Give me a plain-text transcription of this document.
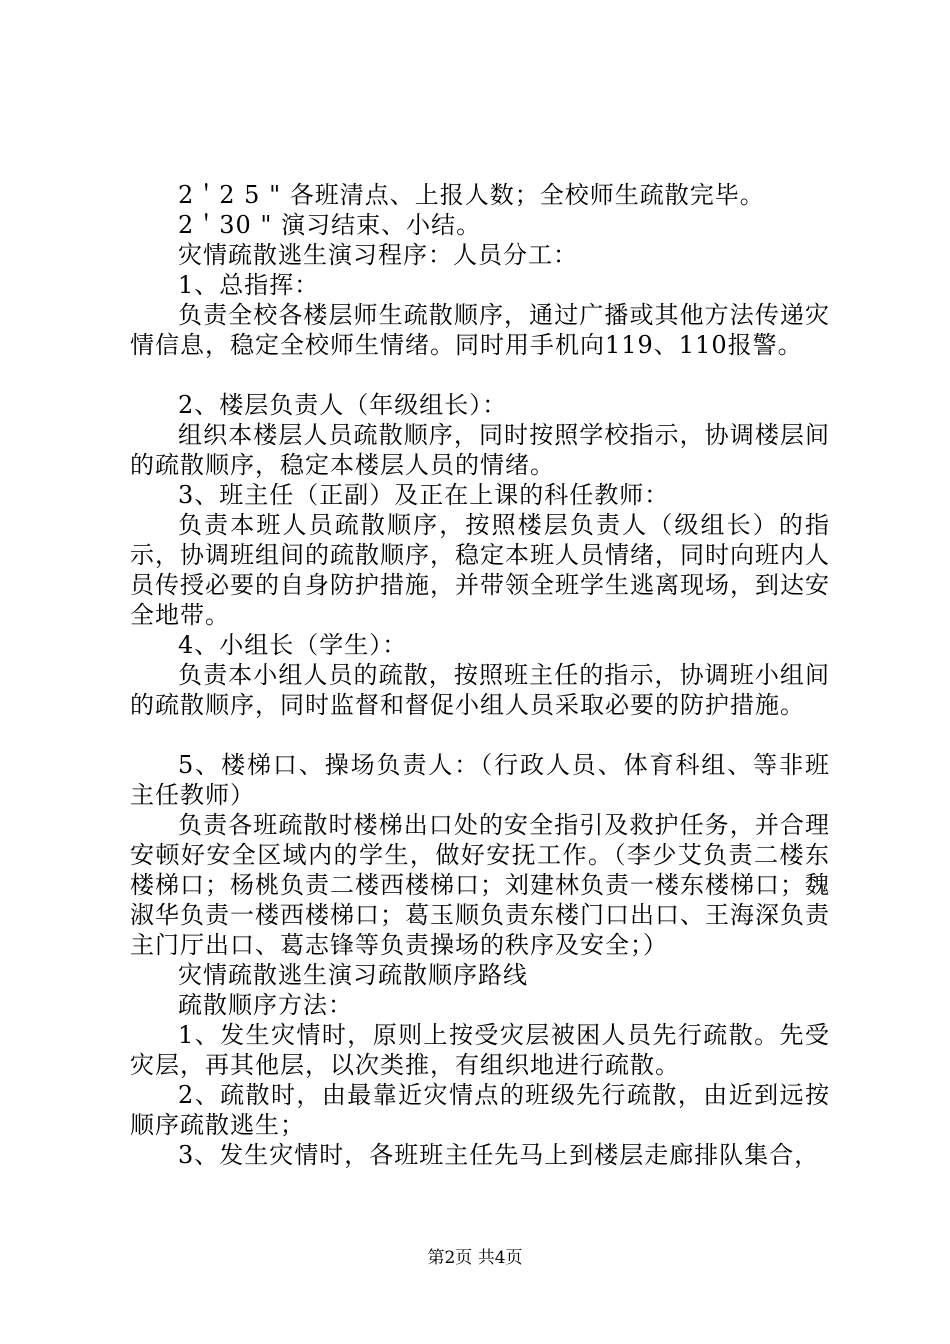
2＇2 5 " 各班清点、上报人数；全校师生疏散完毕。

2＇30 " 演习结束、小结。

灾情疏散逃生演习程序：人员分工：

1、总指挥：

负责全校各楼层师生疏散顺序，通过广播或其他方法传递灾情信息，稳定全校师生情绪。同时用手机向119、110报警。

2、楼层负责人（年级组长）：

组织本楼层人员疏散顺序，同时按照学校指示，协调楼层间的疏散顺序，稳定本楼层人员的情绪。

3、班主任（正副）及正在上课的科任教师：

负责本班人员疏散顺序，按照楼层负责人（级组长）的指示，协调班组间的疏散顺序，稳定本班人员情绪，同时向班内人员传授必要的自身防护措施，并带领全班学生逃离现场，到达安全地带。

4、小组长（学生）：

负责本小组人员的疏散，按照班主任的指示，协调班小组间的疏散顺序，同时监督和督促小组人员采取必要的防护措施。

5、楼梯口、操场负责人：（行政人员、体育科组、等非班主任教师）

负责各班疏散时楼梯出口处的安全指引及救护任务，并合理安顿好安全区域内的学生，做好安抚工作。（李少艾负责二楼东楼梯口；杨桃负责二楼西楼梯口；刘建林负责一楼东楼梯口；魏淑华负责一楼西楼梯口；葛玉顺负责东楼门口出口、王海深负责主门厅出口、葛志锋等负责操场的秩序及安全；）

灾情疏散逃生演习疏散顺序路线

疏散顺序方法：

1、发生灾情时，原则上按受灾层被困人员先行疏散。先受灾层，再其他层，以次类推，有组织地进行疏散。

2、疏散时，由最靠近灾情点的班级先行疏散，由近到远按顺序疏散逃生；

3、发生灾情时，各班班主任先马上到楼层走廊排队集合，

第2页 共4页
